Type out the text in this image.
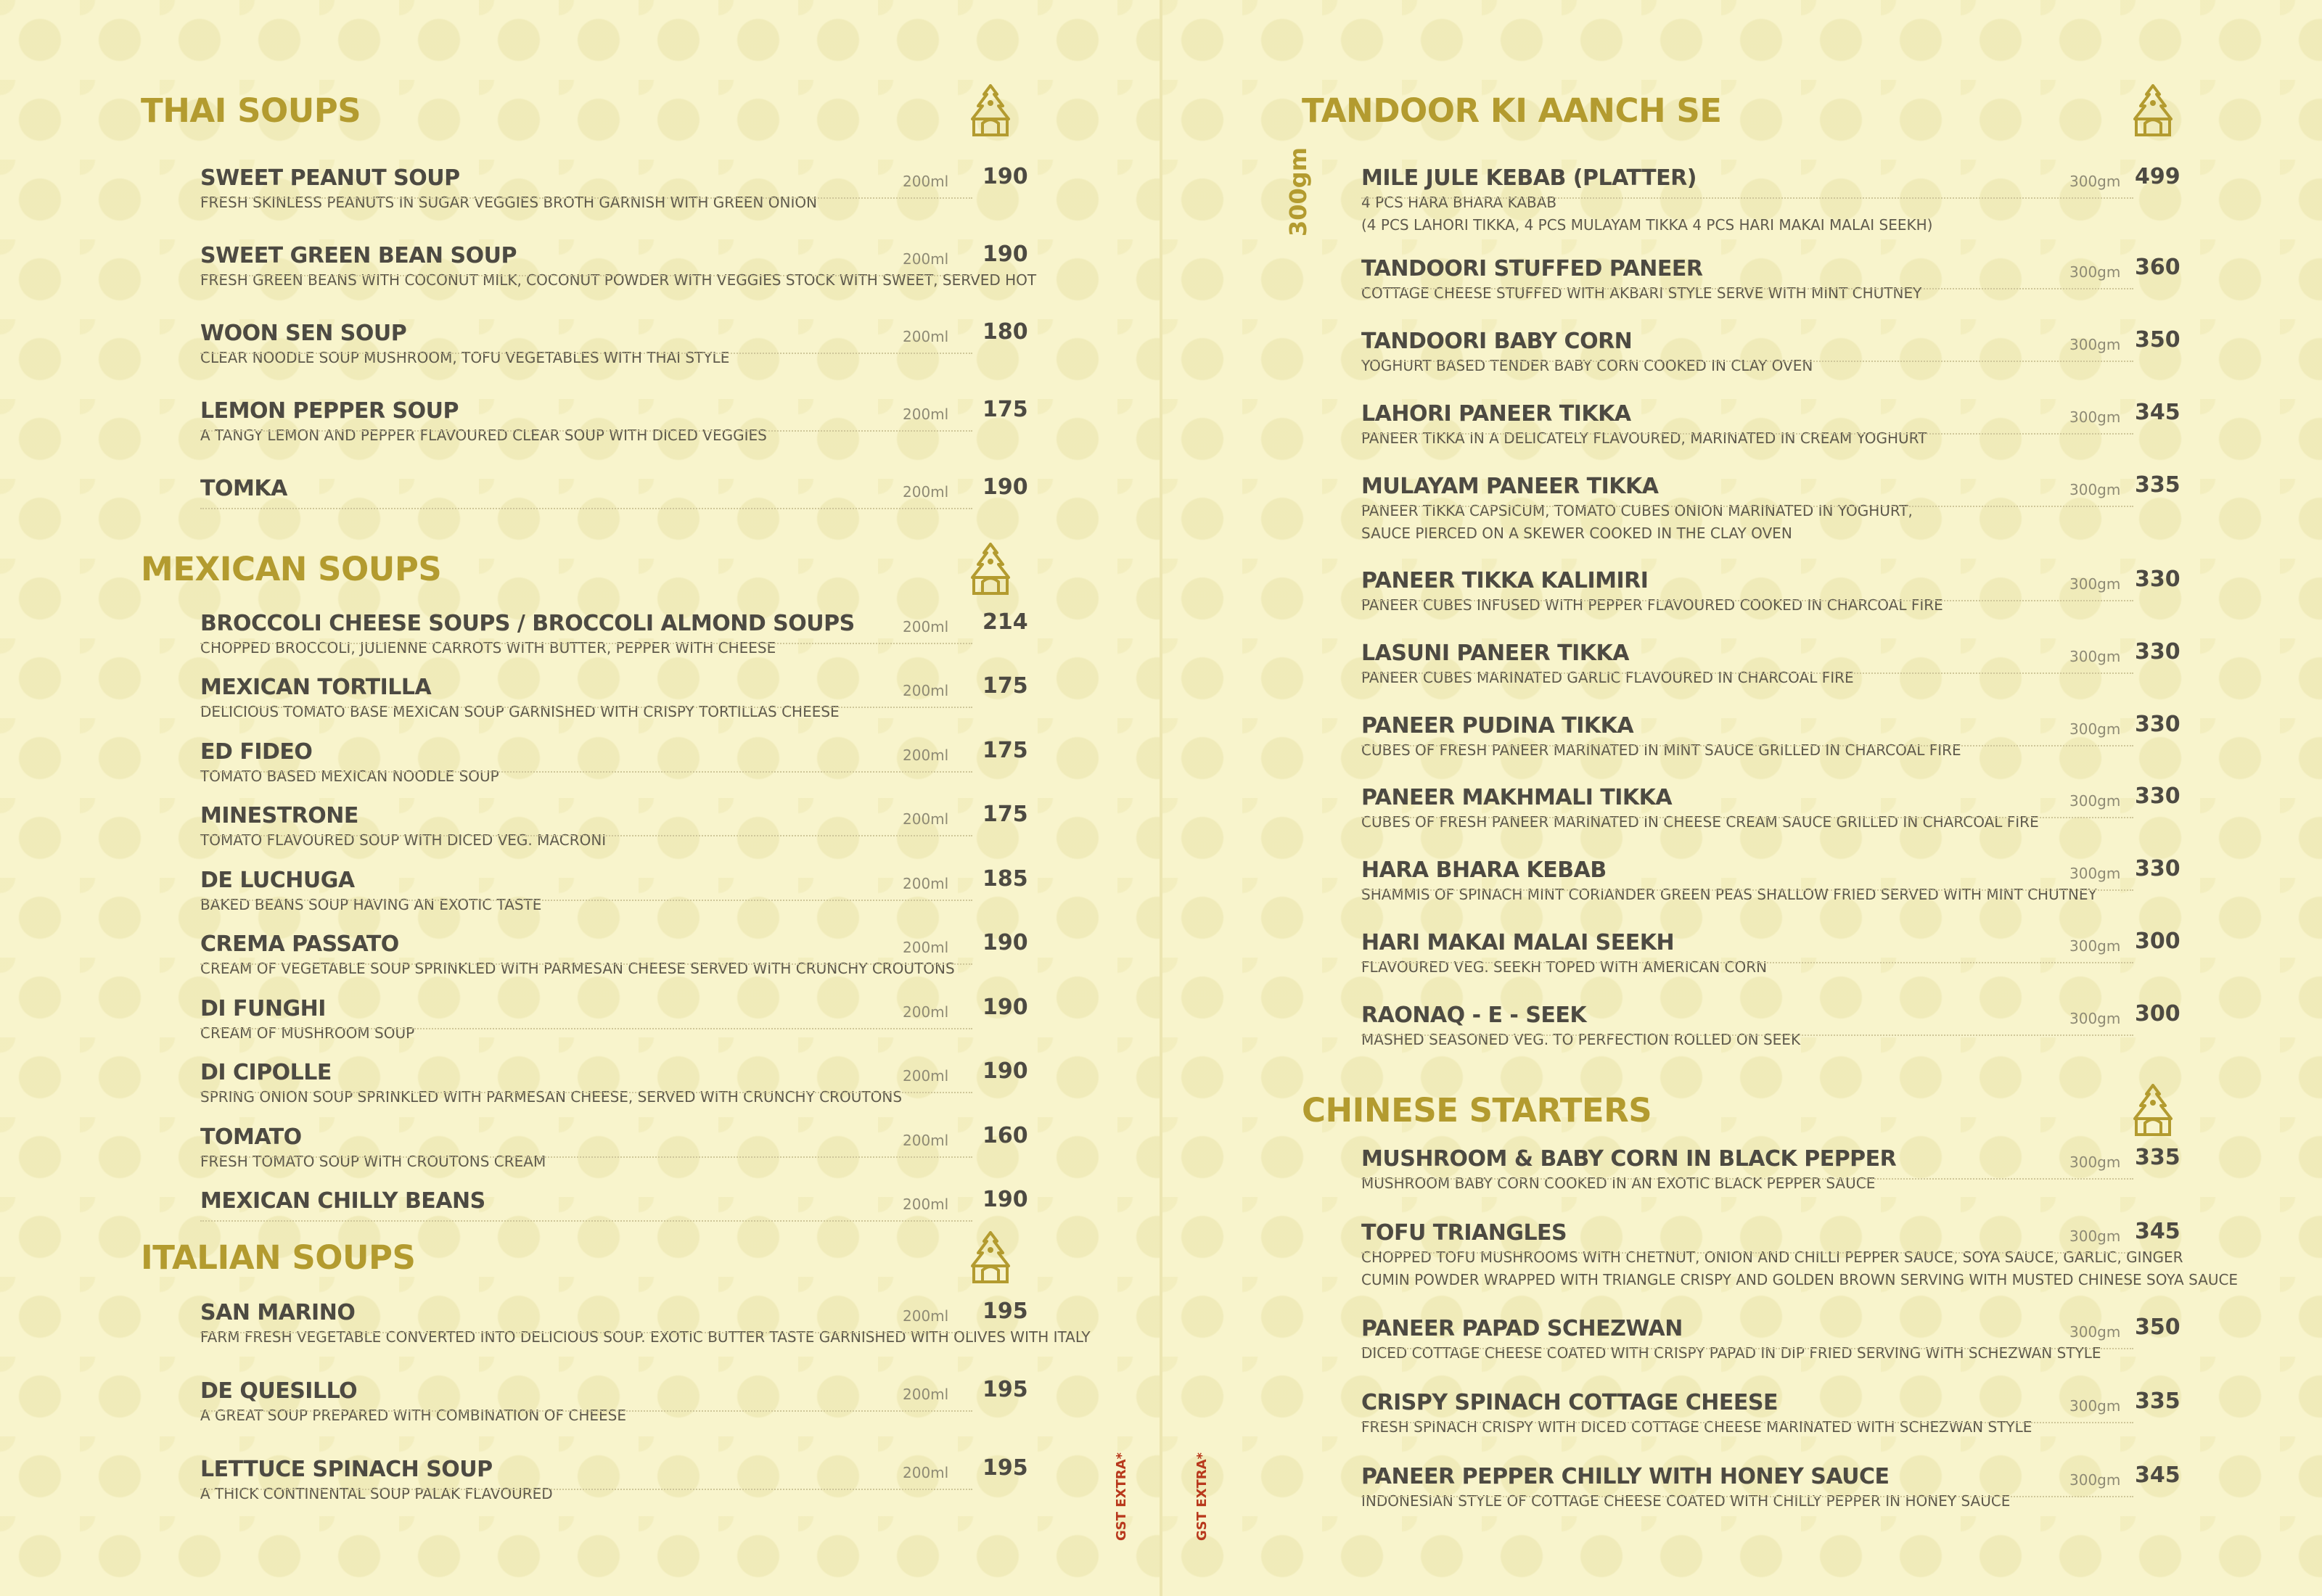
THAI SOUPS
SWEET PEANUT SOUP
FRESH SKINLESS PEANUTS IN SUGAR VEGGIES BROTH GARNISH WITH GREEN ONION
200ml 190
SWEET GREEN BEAN SOUP
FRESH GREEN BEANS WITH COCONUT MILK, COCONUT POWDER WITH VEGGIES STOCK WITH SWEET, SERVED HOT
200ml 190
WOON SEN SOUP
CLEAR NOODLE SOUP MUSHROOM, TOFU VEGETABLES WITH THAI STYLE
200ml 180
LEMON PEPPER SOUP
A TANGY LEMON AND PEPPER FLAVOURED CLEAR SOUP WITH DICED VEGGIES
200ml 175
TOMKA	200ml 190
MEXICAN SOUPS
BROCCOLI CHEESE SOUPS / BROCCOLI ALMOND SOUPS
CHOPPED BROCCOLI, JULIENNE CARROTS WITH BUTTER, PEPPER WITH CHEESE
200ml 214
MEXICAN TORTILLA
DELICIOUS TOMATO BASE MEXICAN SOUP GARNISHED WITH CRISPY TORTILLAS CHEESE
200ml 175
ED FIDEO
TOMATO BASED MEXICAN NOODLE SOUP
200ml 175
MINESTRONE
TOMATO FLAVOURED SOUP WITH DICED VEG. MACRONI
200ml 175
DE LUCHUGA
BAKED BEANS SOUP HAVING AN EXOTIC TASTE
200ml 185
CREMA PASSATO
CREAM OF VEGETABLE SOUP SPRINKLED WITH PARMESAN CHEESE SERVED WITH CRUNCHY CROUTONS
200ml 190
DI FUNGHI
CREAM OF MUSHROOM SOUP
200ml 190
DI CIPOLLE
SPRING ONION SOUP SPRINKLED WITH PARMESAN CHEESE, SERVED WITH CRUNCHY CROUTONS
200ml 190
TOMATO
FRESH TOMATO SOUP WITH CROUTONS CREAM
200ml 160
MEXICAN CHILLY BEANS	200ml 190
ITALIAN SOUPS
SAN MARINO
FARM FRESH VEGETABLE CONVERTED INTO DELICIOUS SOUP. EXOTIC BUTTER TASTE GARNISHED WITH OLIVES WITH ITALY
200ml 195
DE QUESILLO
A GREAT SOUP PREPARED WITH COMBINATION OF CHEESE
200ml 195
LETTUCE SPINACH SOUP
A THICK CONTINENTAL SOUP PALAK FLAVOURED
200ml 195	GST EXTRA*
300gm
TANDOOR KI AANCH SE
MILE JULE KEBAB (PLATTER)
4 PCS HARA BHARA KABAB
(4 PCS LAHORI TIKKA, 4 PCS MULAYAM TIKKA 4 PCS HARI MAKAI MALAI SEEKH)
300gm 499
TANDOORI STUFFED PANEER
COTTAGE CHEESE STUFFED WITH AKBARI STYLE SERVE WITH MINT CHUTNEY
300gm 360
TANDOORI BABY CORN
YOGHURT BASED TENDER BABY CORN COOKED IN CLAY OVEN
300gm 350
LAHORI PANEER TIKKA
PANEER TIKKA IN A DELICATELY FLAVOURED, MARINATED IN CREAM YOGHURT
300gm 345
MULAYAM PANEER TIKKA
PANEER TIKKA CAPSICUM, TOMATO CUBES ONION MARINATED IN YOGHURT,
SAUCE PIERCED ON A SKEWER COOKED IN THE CLAY OVEN
300gm 335
PANEER TIKKA KALIMIRI
PANEER CUBES INFUSED WITH PEPPER FLAVOURED COOKED IN CHARCOAL FIRE
300gm 330
LASUNI PANEER TIKKA
PANEER CUBES MARINATED GARLIC FLAVOURED IN CHARCOAL FIRE
300gm 330
PANEER PUDINA TIKKA
CUBES OF FRESH PANEER MARINATED IN MINT SAUCE GRILLED IN CHARCOAL FIRE
300gm 330
PANEER MAKHMALI TIKKA
CUBES OF FRESH PANEER MARINATED IN CHEESE CREAM SAUCE GRILLED IN CHARCOAL FIRE
300gm 330
HARA BHARA KEBAB
SHAMMIS OF SPINACH MINT CORIANDER GREEN PEAS SHALLOW FRIED SERVED WITH MINT CHUTNEY
300gm 330
HARI MAKAI MALAI SEEKH
FLAVOURED VEG. SEEKH TOPED WITH AMERICAN CORN
300gm 300
RAONAQ - E - SEEK
MASHED SEASONED VEG. TO PERFECTION ROLLED ON SEEK
300gm 300
CHINESE STARTERS
MUSHROOM & BABY CORN IN BLACK PEPPER
MUSHROOM BABY CORN COOKED IN AN EXOTIC BLACK PEPPER SAUCE
300gm 335
TOFU TRIANGLES
CHOPPED TOFU MUSHROOMS WITH CHETNUT, ONION AND CHILLI PEPPER SAUCE, SOYA SAUCE, GARLIC, GINGER
CUMIN POWDER WRAPPED WITH TRIANGLE CRISPY AND GOLDEN BROWN SERVING WITH MUSTED CHINESE SOYA SAUCE
300gm 345
PANEER PAPAD SCHEZWAN
DICED COTTAGE CHEESE COATED WITH CRISPY PAPAD IN DIP FRIED SERVING WITH SCHEZWAN STYLE
300gm 350
CRISPY SPINACH COTTAGE CHEESE
FRESH SPINACH CRISPY WITH DICED COTTAGE CHEESE MARINATED WITH SCHEZWAN STYLE
300gm 335
PANEER PEPPER CHILLY WITH HONEY SAUCE
INDONESIAN STYLE OF COTTAGE CHEESE COATED WITH CHILLY PEPPER IN HONEY SAUCE
300gm 345
GST EXTRA*
